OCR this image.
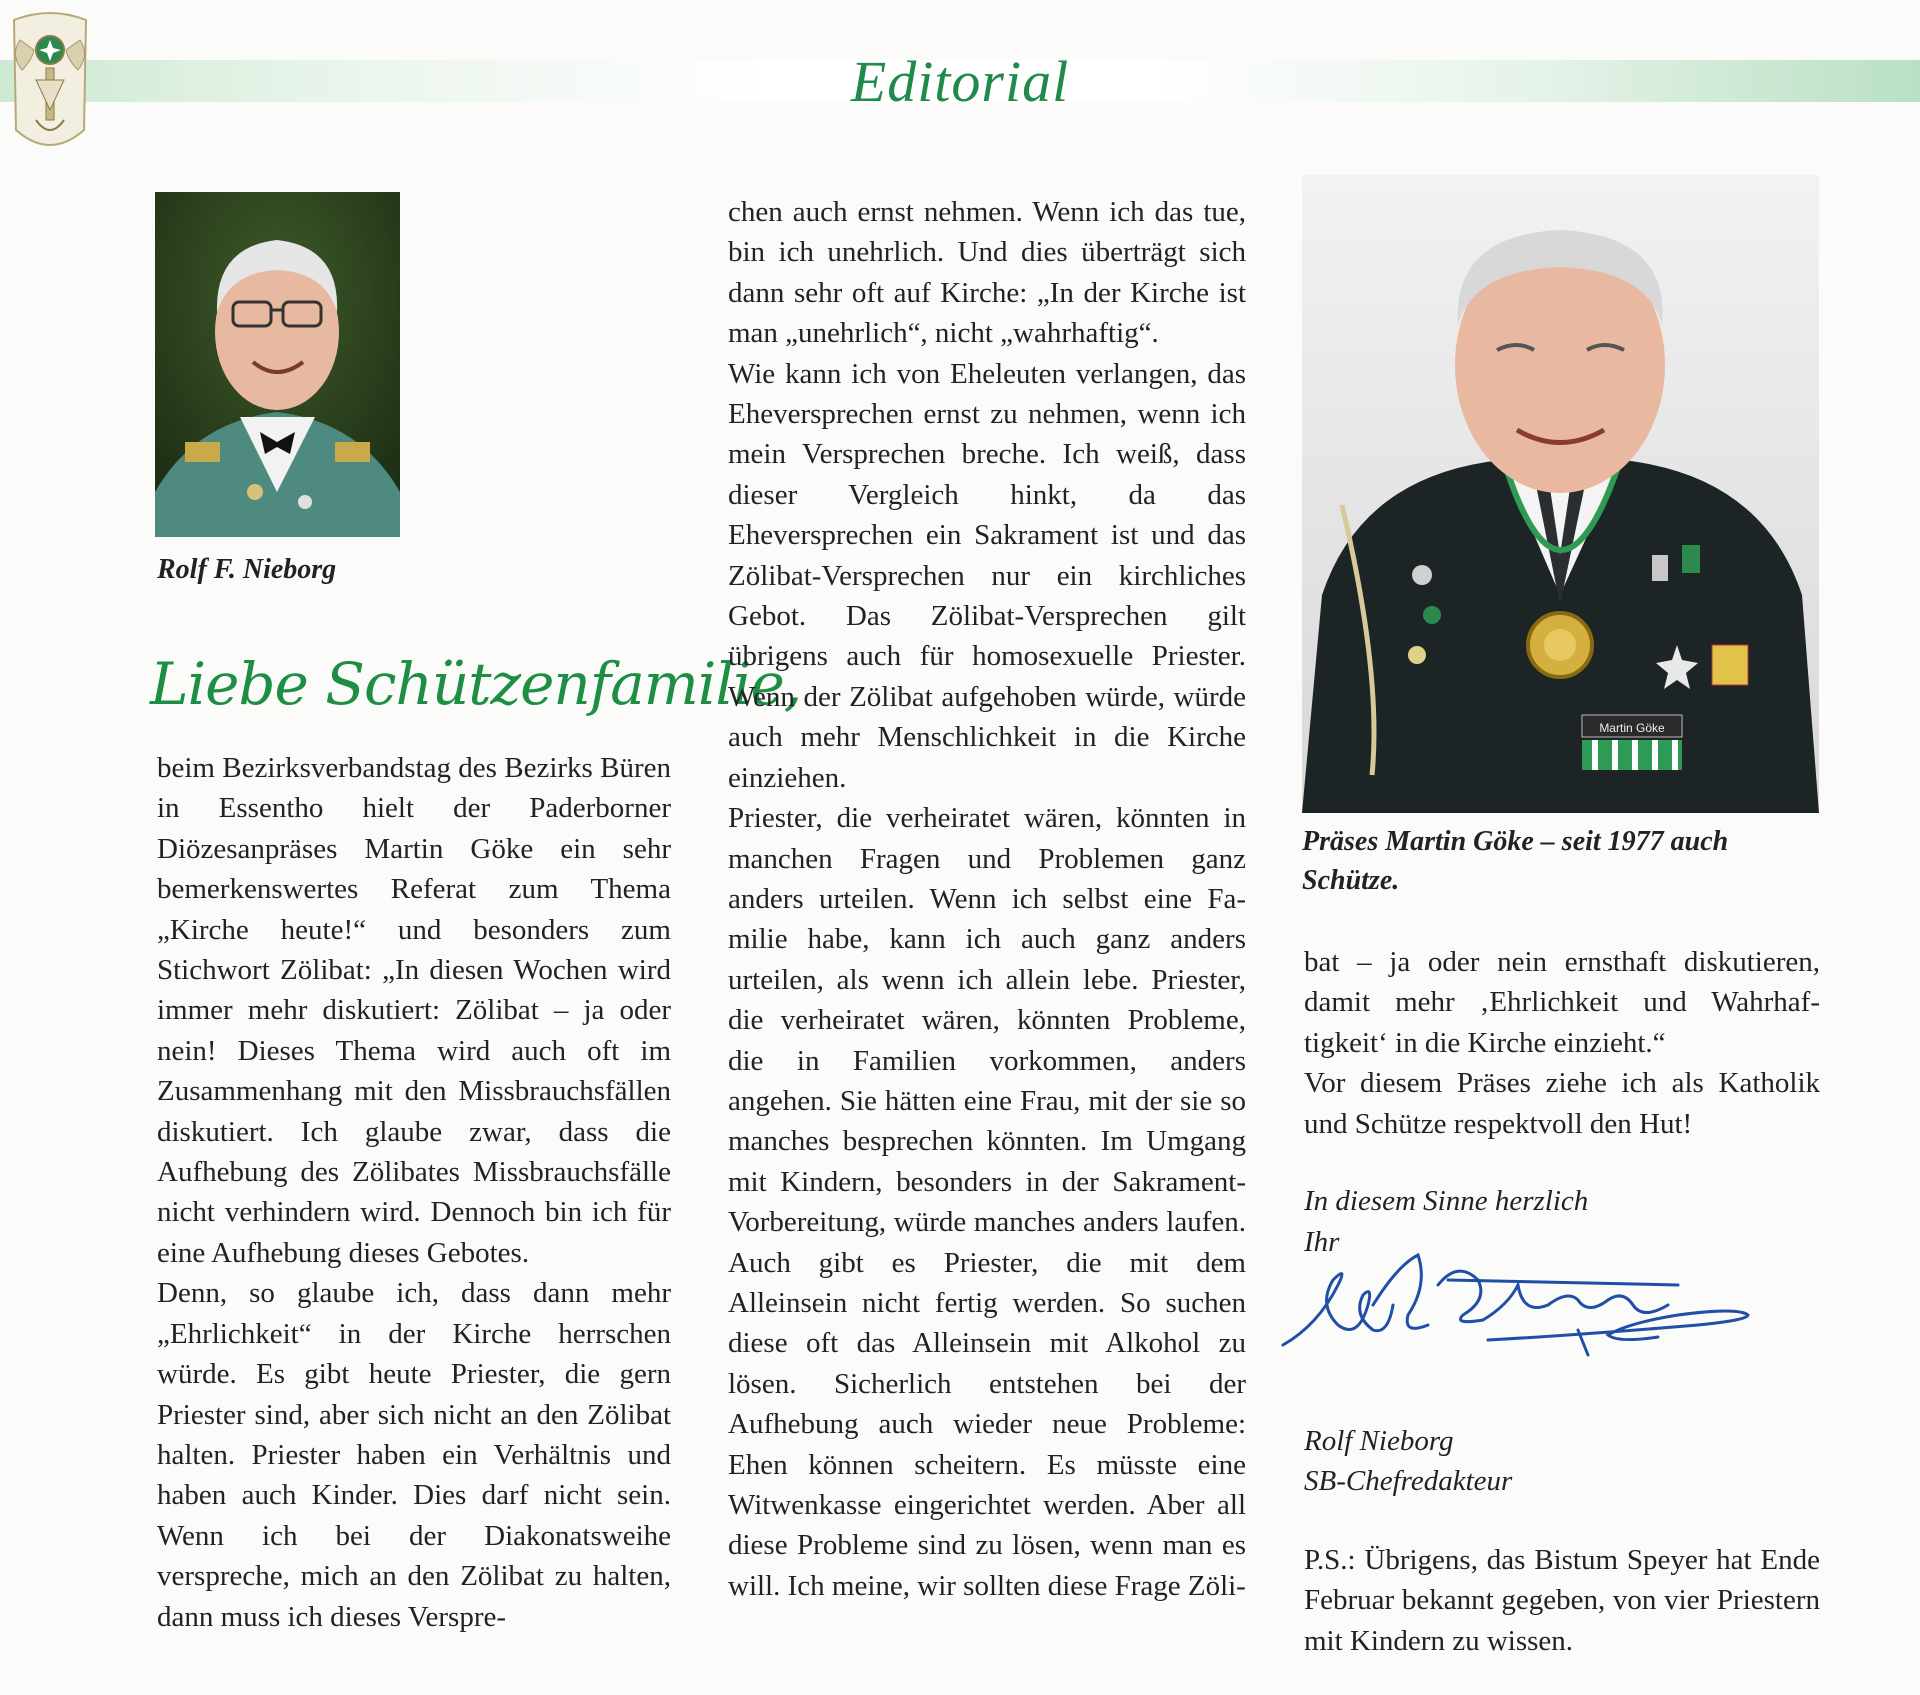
Editorial
Rolf F. Nieborg
Liebe Schützenfamilie,

beim Bezirksverbandstag des Bezirks Büren in Essentho hielt der Paderborner Diözesanpräses Martin Göke ein sehr bemerkenswertes Referat zum Thema „Kirche heute!“ und besonders zum Stichwort Zölibat: „In diesen Wochen wird immer mehr diskutiert: Zölibat – ja oder nein! Dieses Thema wird auch oft im Zusammenhang mit den Missbrauchsfällen diskutiert. Ich glaube zwar, dass die Aufhebung des Zölibates Missbrauchsfälle nicht verhindern wird. Dennoch bin ich für eine Aufhebung dieses Gebotes.

Denn, so glaube ich, dass dann mehr „Ehrlichkeit“ in der Kirche herrschen würde. Es gibt heute Priester, die gern Priester sind, aber sich nicht an den Zölibat halten. Priester haben ein Verhältnis und haben auch Kinder. Dies darf nicht sein. Wenn ich bei der Diakonatsweihe verspreche, mich an den Zölibat zu halten, dann muss ich dieses Verspre-

chen auch ernst nehmen. Wenn ich das tue, bin ich unehrlich. Und dies überträgt sich dann sehr oft auf Kirche: „In der Kirche ist man „unehrlich“, nicht „wahrhaftig“.

Wie kann ich von Eheleuten verlangen, das Eheversprechen ernst zu nehmen, wenn ich mein Versprechen breche. Ich weiß, dass dieser Vergleich hinkt, da das Eheversprechen ein Sakrament ist und das Zölibat-Versprechen nur ein kirchliches Gebot. Das Zölibat-Versprechen gilt übrigens auch für homosexuelle Priester. Wenn der Zölibat aufgehoben würde, würde auch mehr Menschlichkeit in die Kirche einziehen.

Priester, die verheiratet wären, könnten in manchen Fragen und Problemen ganz anders urteilen. Wenn ich selbst eine Familie habe, kann ich auch ganz anders urteilen, als wenn ich allein lebe. Priester, die verheiratet wären, könnten Probleme, die in Familien vorkommen, anders angehen. Sie hätten eine Frau, mit der sie so manches besprechen könnten. Im Umgang mit Kindern, besonders in der Sakrament-Vorbereitung, würde manches anders laufen. Auch gibt es Priester, die mit dem Alleinsein nicht fertig werden. So suchen diese oft das Alleinsein mit Alkohol zu lösen. Sicherlich entstehen bei der Aufhebung auch wieder neue Probleme: Ehen können scheitern. Es müsste eine Witwenkasse eingerichtet werden. Aber all diese Probleme sind zu lösen, wenn man es will. Ich meine, wir sollten diese Frage Zöli-

Martin Göke
Präses Martin Göke – seit 1977 auch Schütze.

bat – ja oder nein ernsthaft diskutieren, damit mehr ‚Ehrlichkeit und Wahrhaftigkeit‘ in die Kirche einzieht.“

Vor diesem Präses ziehe ich als Katholik und Schütze respektvoll den Hut!

In diesem Sinne herzlich
Ihr
Rolf Nieborg
SB-Chefredakteur

P.S.: Übrigens, das Bistum Speyer hat Ende Februar bekannt gegeben, von vier Priestern mit Kindern zu wissen.
